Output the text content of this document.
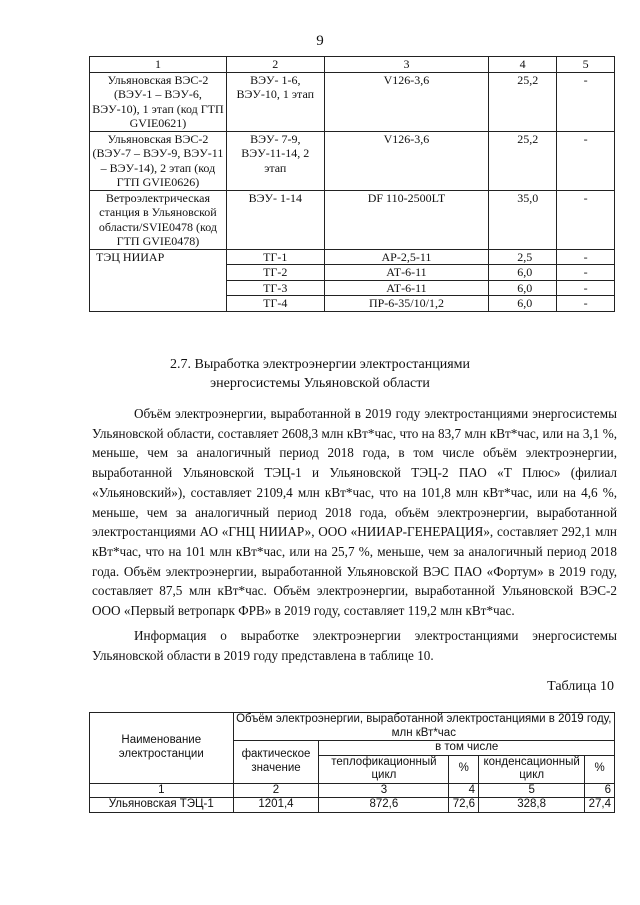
9
1	2	3	4	5
Ульяновская ВЭС-2 (ВЭУ-1 – ВЭУ-6, ВЭУ-10), 1 этап (код ГТП GVIE0621)	ВЭУ- 1-6, ВЭУ-10, 1 этап	V126-3,6	25,2	-
Ульяновская ВЭС-2 (ВЭУ-7 – ВЭУ-9, ВЭУ-11 – ВЭУ-14), 2 этап (код ГТП GVIE0626)	ВЭУ- 7-9, ВЭУ-11-14, 2 этап	V126-3,6	25,2	-
Ветроэлектрическая станция в Ульяновской области/SVIE0478 (код ГТП GVIE0478)	ВЭУ- 1-14	DF 110-2500LT	35,0	-
ТЭЦ НИИАР	ТГ-1	АР-2,5-11	2,5	-
	ТГ-2	АТ-6-11	6,0	-
	ТГ-3	АТ-6-11	6,0	-
	ТГ-4	ПР-6-35/10/1,2	6,0	-
2.7. Выработка электроэнергии электростанциями
энергосистемы Ульяновской области
Объём электроэнергии, выработанной в 2019 году электростанциями энергосистемы Ульяновской области, составляет 2608,3 млн кВт*час, что на 83,7 млн кВт*час, или на 3,1 %, меньше, чем за аналогичный период 2018 года, в том числе объём электроэнергии, выработанной Ульяновской ТЭЦ-1 и Ульяновской ТЭЦ-2 ПАО «Т Плюс» (филиал «Ульяновский»), составляет 2109,4 млн кВт*час, что на 101,8 млн кВт*час, или на 4,6 %, меньше, чем за аналогичный период 2018 года, объём электроэнергии, выработанной электростанциями АО «ГНЦ НИИАР», ООО «НИИАР-ГЕНЕРАЦИЯ», составляет 292,1 млн кВт*час, что на 101 млн кВт*час, или на 25,7 %, меньше, чем за аналогичный период 2018 года. Объём электроэнергии, выработанной Ульяновской ВЭС ПАО «Фортум» в 2019 году, составляет 87,5 млн кВт*час. Объём электроэнергии, выработанной Ульяновской ВЭС-2 ООО «Первый ветропарк ФРВ» в 2019 году, составляет 119,2 млн кВт*час.
Информация о выработке электроэнергии электростанциями энергосистемы Ульяновской области в 2019 году представлена в таблице 10.
Таблица 10
Наименование электростанции	Объём электроэнергии, выработанной электростанциями в 2019 году, млн кВт*час				
	фактическое значение	в том числе			
		теплофикационный цикл	%	конденсационный цикл	%
1	2	3	4	5	6
Ульяновская ТЭЦ-1	1201,4	872,6	72,6	328,8	27,4
